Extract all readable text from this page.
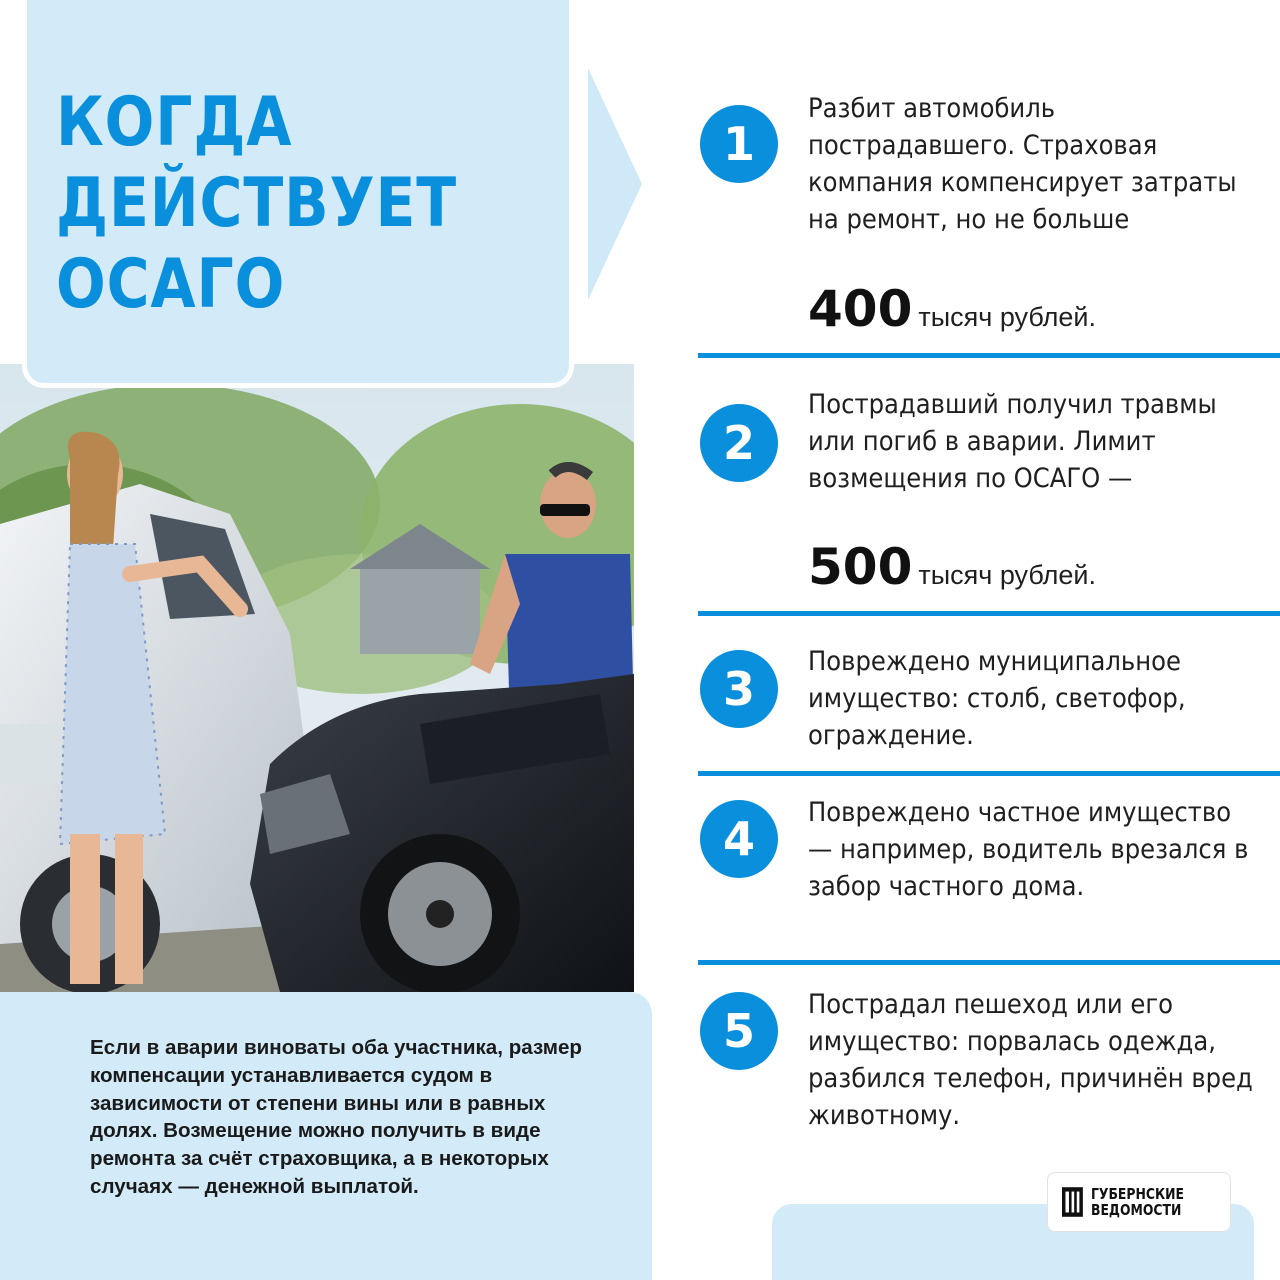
КОГДА
ДЕЙСТВУЕТ
ОСАГО
Если в аварии виноваты оба участника, размер компенсации устанавливается судом в зависимости от степени вины или в равных долях. Возмещение можно получить в виде ремонта за счёт страховщика, а в некоторых случаях — денежной выплатой.
1
Разбит автомобиль пострадавшего. Страховая компания компенсирует затраты на ремонт, но не больше
400 тысяч рублей.
2
Пострадавший получил травмы или погиб в аварии. Лимит возмещения по ОСАГО —
500 тысяч рублей.
3
Повреждено муниципальное имущество: столб, светофор, ограждение.
4	Повреждено частное имущество — например, водитель врезался в забор частного дома.
5	Пострадал пешеход или его имущество: порвалась одежда, разбился телефон, причинён вред животному.
ГУБЕРНСКИЕ
ВЕДОМОСТИ
